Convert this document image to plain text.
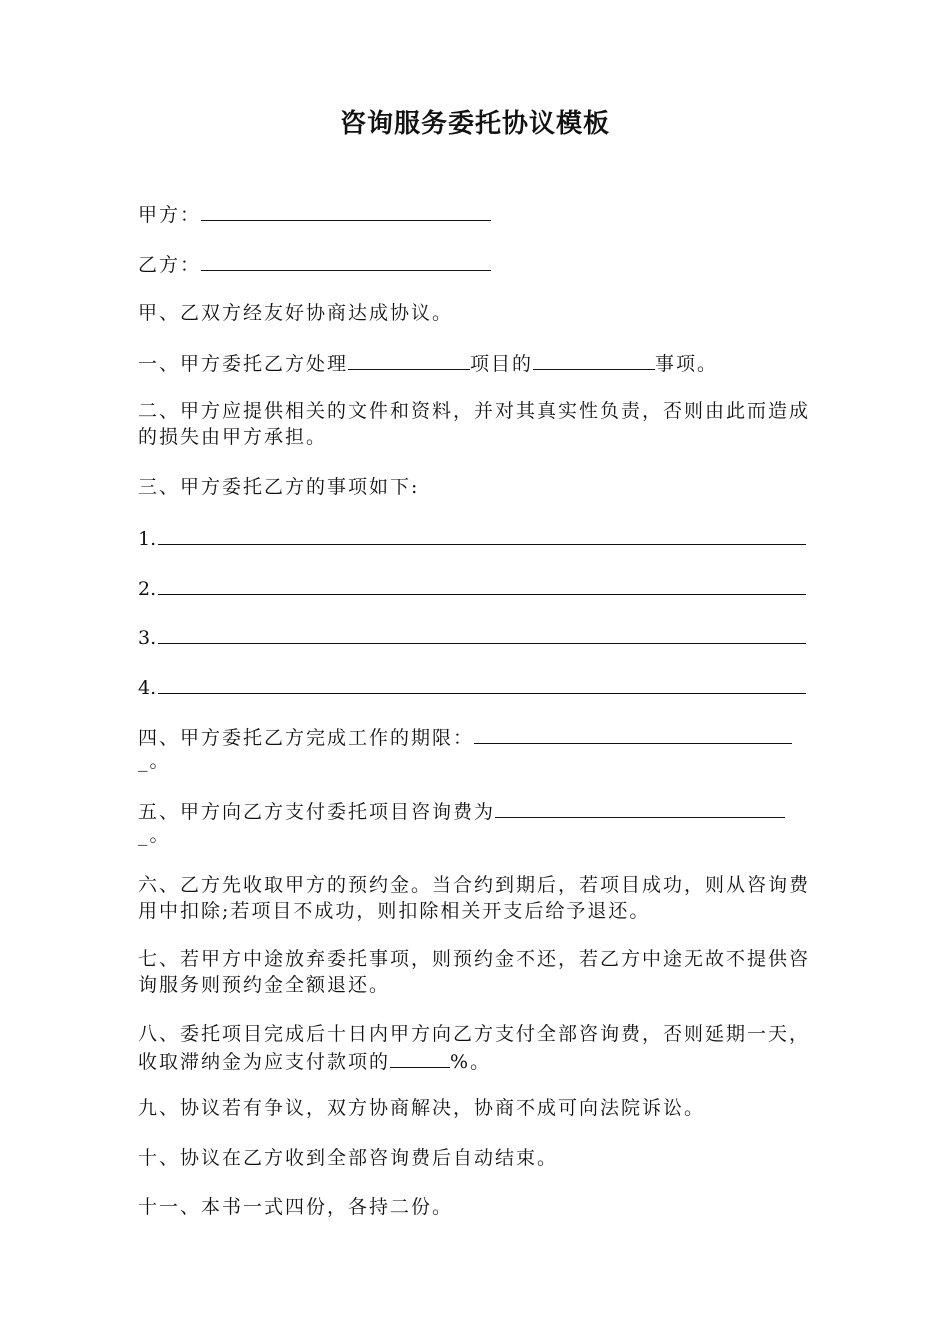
咨询服务委托协议模板
甲方：
乙方：
甲、乙双方经友好协商达成协议。
一、甲方委托乙方处理	项目的	事项。
二、甲方应提供相关的文件和资料，并对其真实性负责，否则由此而造成的损失由甲方承担。
三、甲方委托乙方的事项如下:
1.
2.
3.
4.
四、甲方委托乙方完成工作的期限：
_。
五、甲方向乙方支付委托项目咨询费为
_。
六、乙方先收取甲方的预约金。当合约到期后，若项目成功，则从咨询费用中扣除;若项目不成功，则扣除相关开支后给予退还。
七、若甲方中途放弃委托事项，则预约金不还，若乙方中途无故不提供咨询服务则预约金全额退还。
八、委托项目完成后十日内甲方向乙方支付全部咨询费，否则延期一天，收取滞纳金为应支付款项的	%。
九、协议若有争议，双方协商解决，协商不成可向法院诉讼。
十、协议在乙方收到全部咨询费后自动结束。
十一、本书一式四份，各持二份。
